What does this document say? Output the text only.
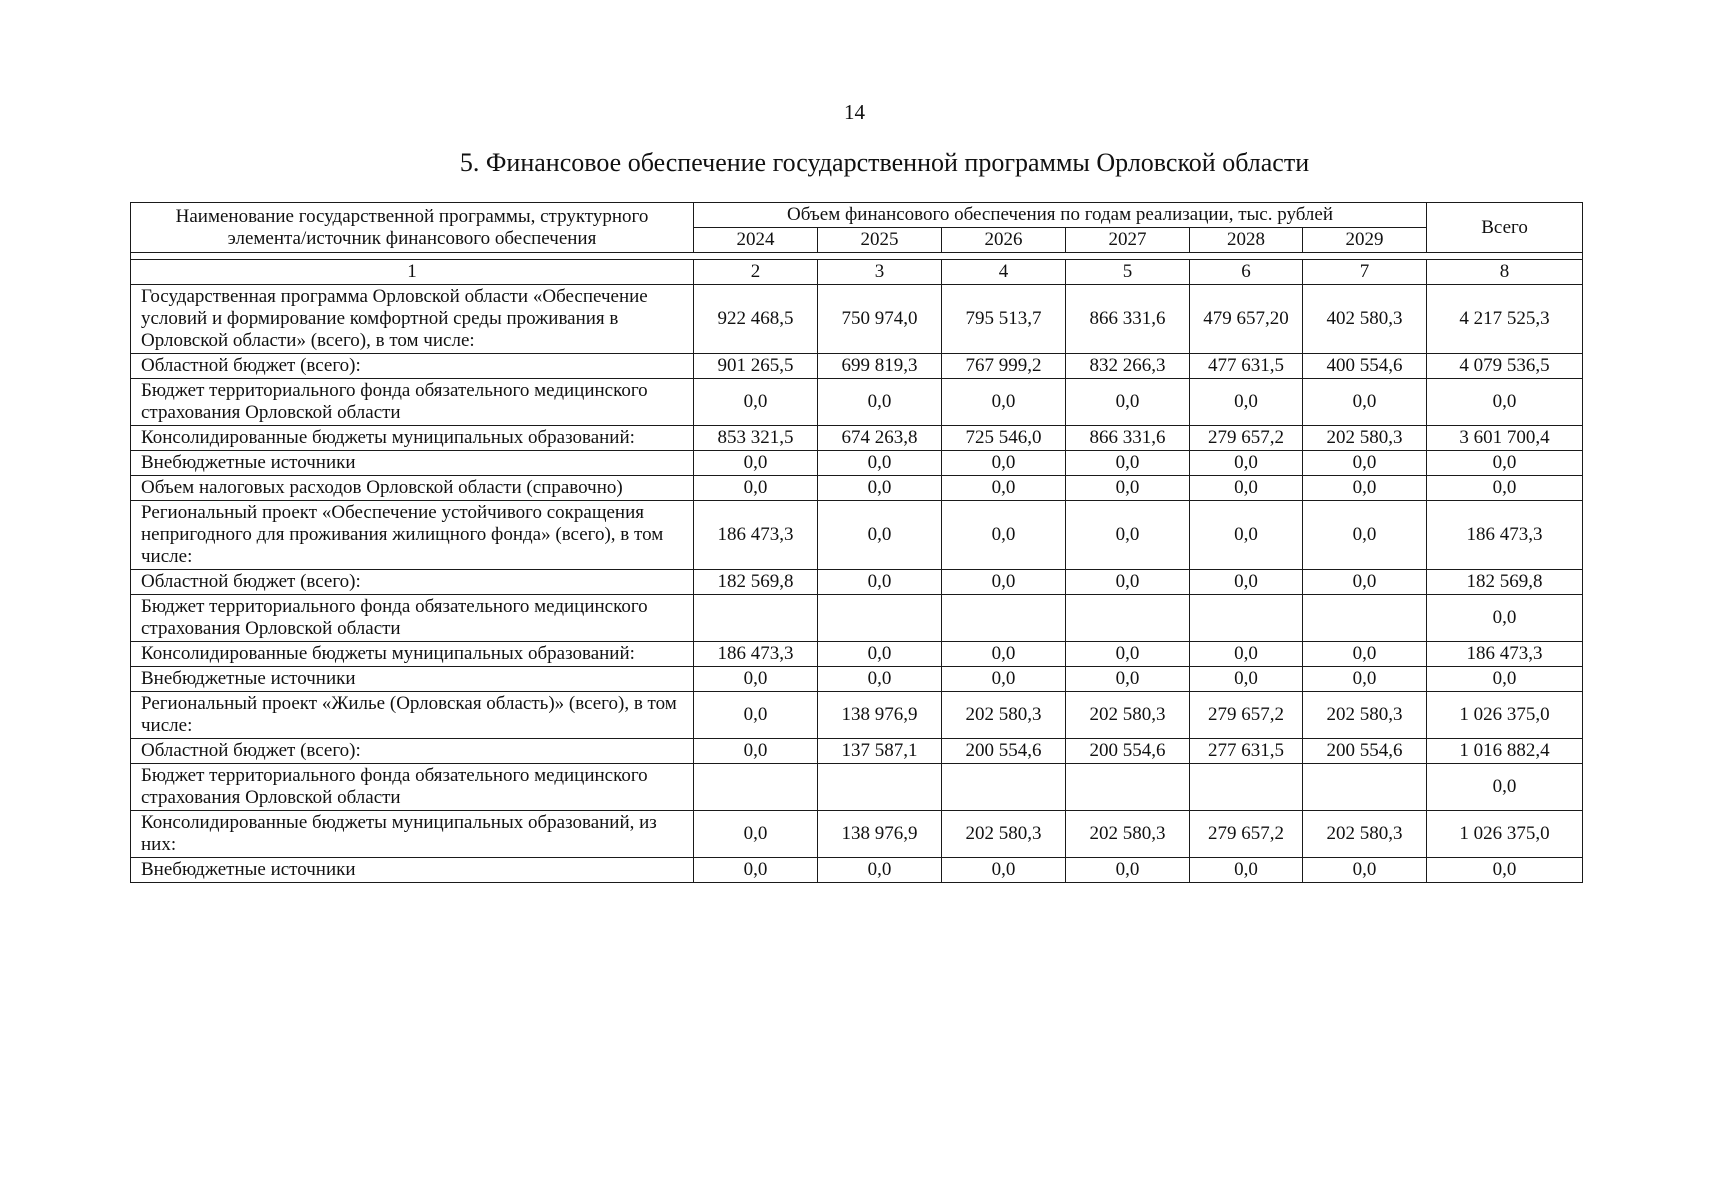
14
5. Финансовое обеспечение государственной программы Орловской области
Наименование государственной программы, структурного элемента/источник финансового обеспечения	Объем финансового обеспечения по годам реализации, тыс. рублей						Всего
	2024	2025	2026	2027	2028	2029	

1	2	3	4	5	6	7	8
Государственная программа Орловской области «Обеспечение условий и формирование комфортной среды проживания в Орловской области» (всего), в том числе:	922 468,5	750 974,0	795 513,7	866 331,6	479 657,20	402 580,3	4 217 525,3
Областной бюджет (всего):	901 265,5	699 819,3	767 999,2	832 266,3	477 631,5	400 554,6	4 079 536,5
Бюджет территориального фонда обязательного медицинского страхования Орловской области	0,0	0,0	0,0	0,0	0,0	0,0	0,0
Консолидированные бюджеты муниципальных образований:	853 321,5	674 263,8	725 546,0	866 331,6	279 657,2	202 580,3	3 601 700,4
Внебюджетные источники	0,0	0,0	0,0	0,0	0,0	0,0	0,0
Объем налоговых расходов Орловской области (справочно)	0,0	0,0	0,0	0,0	0,0	0,0	0,0
Региональный проект «Обеспечение устойчивого сокращения непригодного для проживания жилищного фонда» (всего), в том числе:	186 473,3	0,0	0,0	0,0	0,0	0,0	186 473,3
Областной бюджет (всего):	182 569,8	0,0	0,0	0,0	0,0	0,0	182 569,8
Бюджет территориального фонда обязательного медицинского страхования Орловской области							0,0
Консолидированные бюджеты муниципальных образований:	186 473,3	0,0	0,0	0,0	0,0	0,0	186 473,3
Внебюджетные источники	0,0	0,0	0,0	0,0	0,0	0,0	0,0
Региональный проект «Жилье (Орловская область)» (всего), в том числе:	0,0	138 976,9	202 580,3	202 580,3	279 657,2	202 580,3	1 026 375,0
Областной бюджет (всего):	0,0	137 587,1	200 554,6	200 554,6	277 631,5	200 554,6	1 016 882,4
Бюджет территориального фонда обязательного медицинского страхования Орловской области							0,0
Консолидированные бюджеты муниципальных образований, из них:	0,0	138 976,9	202 580,3	202 580,3	279 657,2	202 580,3	1 026 375,0
Внебюджетные источники	0,0	0,0	0,0	0,0	0,0	0,0	0,0
